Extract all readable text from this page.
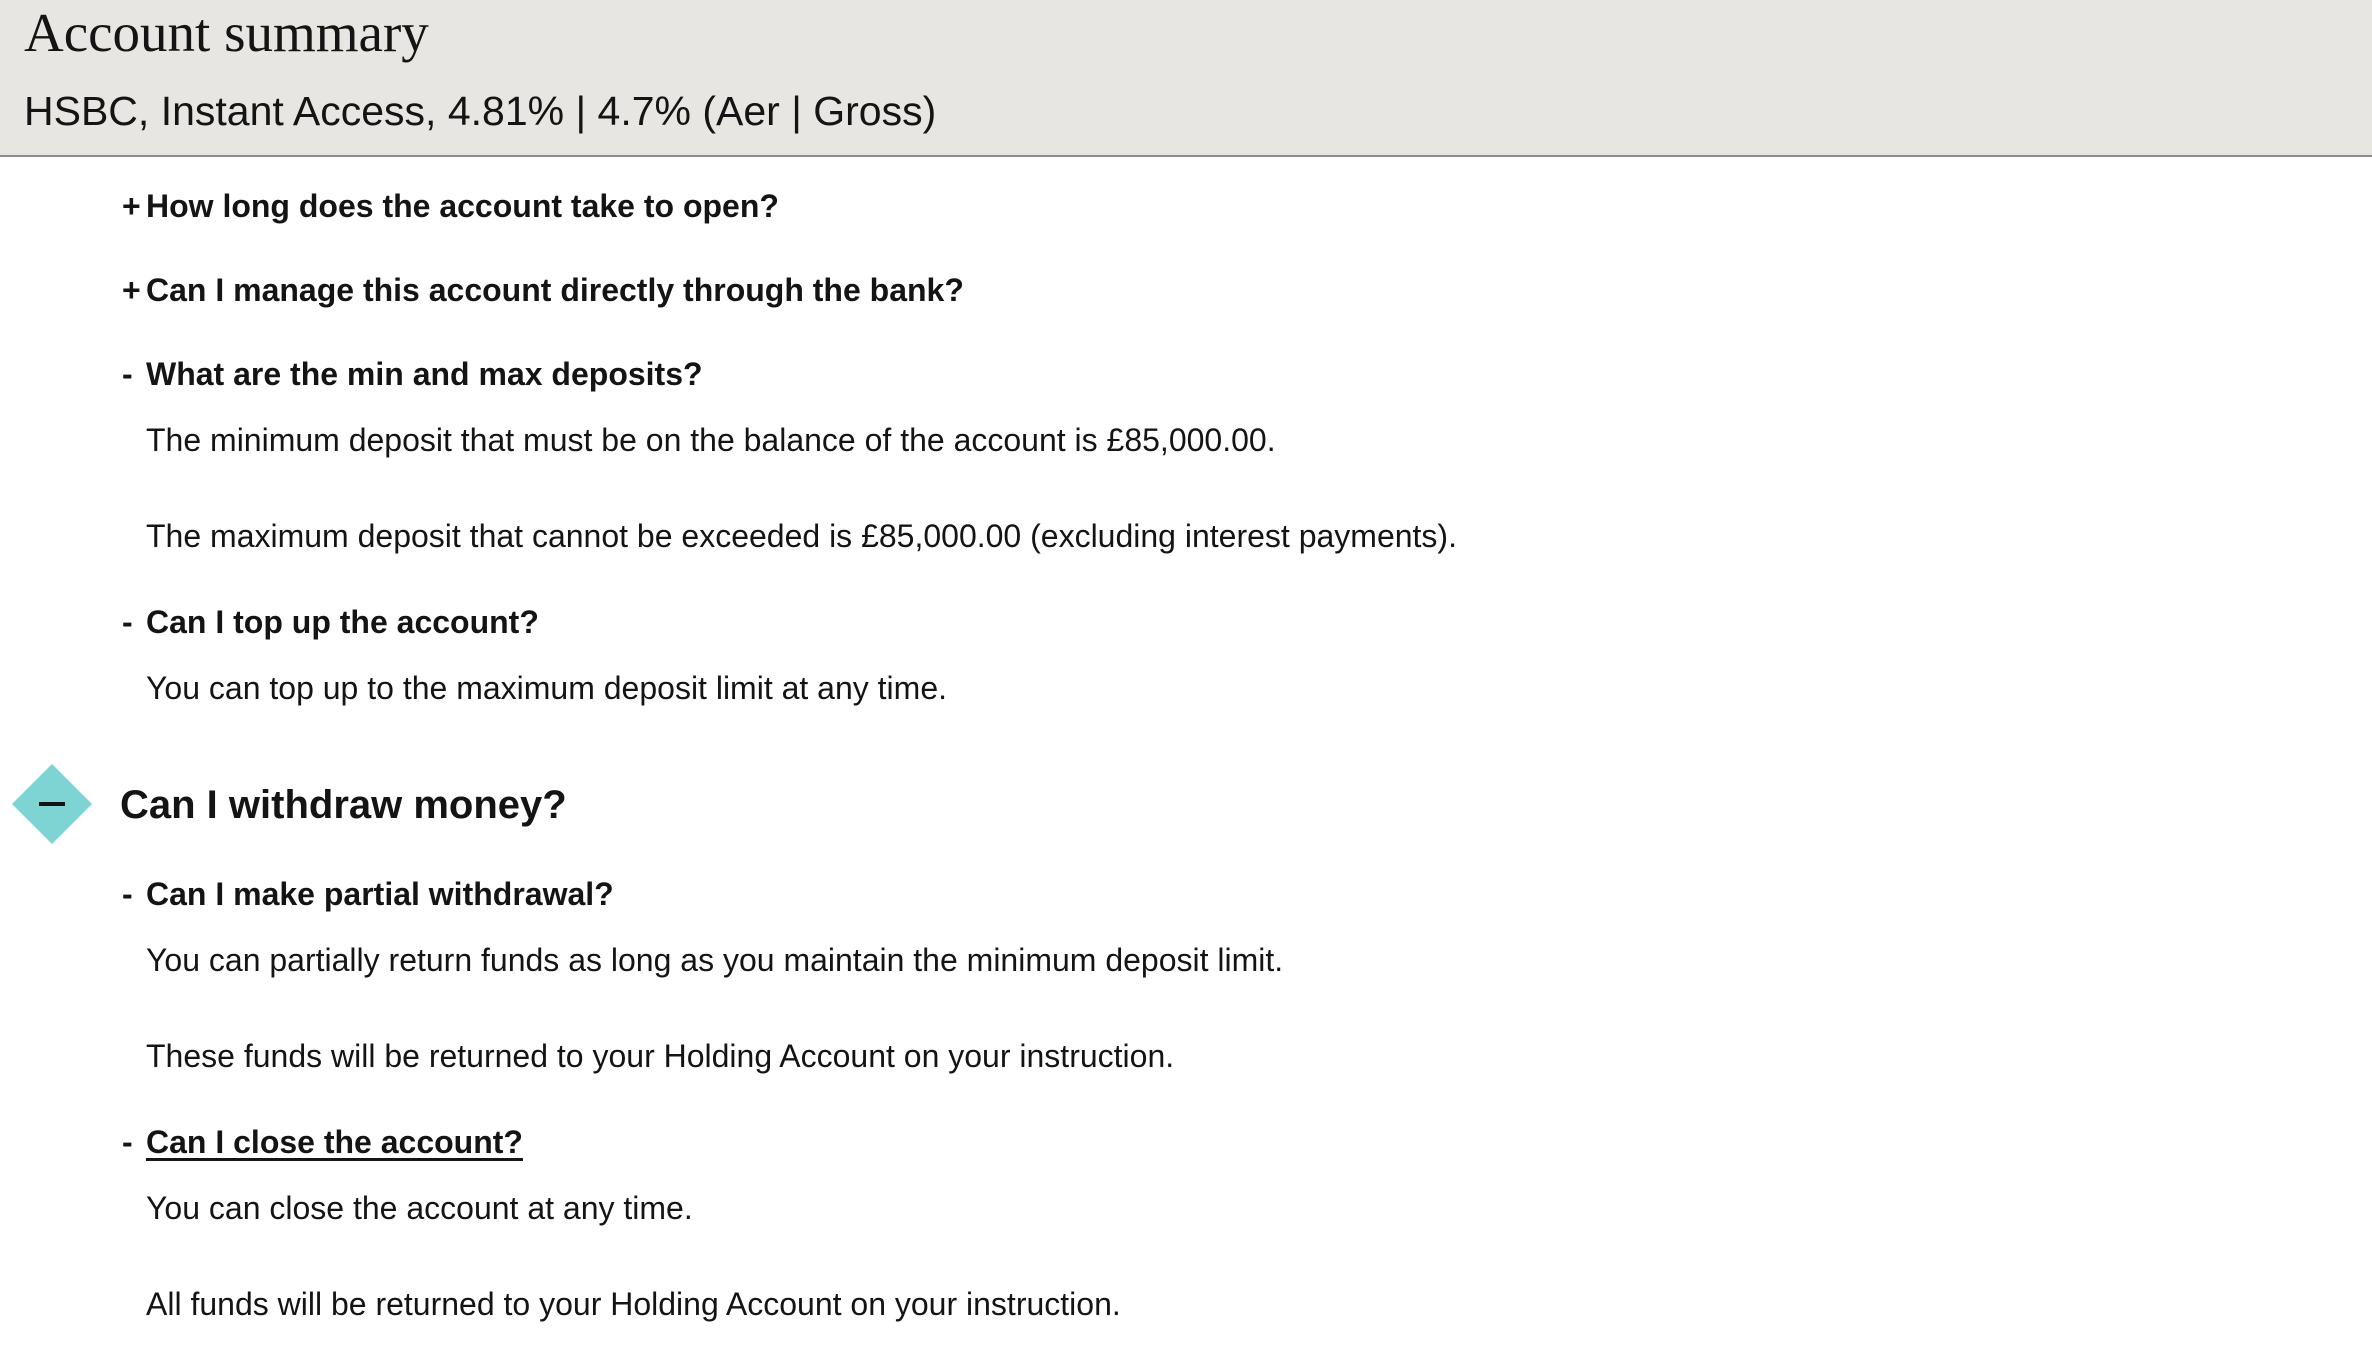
Account summary
HSBC, Instant Access, 4.81% | 4.7% (Aer | Gross)
+ How long does the account take to open?
+ Can I manage this account directly through the bank?
- What are the min and max deposits?
The minimum deposit that must be on the balance of the account is £85,000.00.
The maximum deposit that cannot be exceeded is £85,000.00 (excluding interest payments).
- Can I top up the account?
You can top up to the maximum deposit limit at any time.
Can I withdraw money?
- Can I make partial withdrawal?
You can partially return funds as long as you maintain the minimum deposit limit.
These funds will be returned to your Holding Account on your instruction.
- Can I close the account?
You can close the account at any time.
All funds will be returned to your Holding Account on your instruction.
